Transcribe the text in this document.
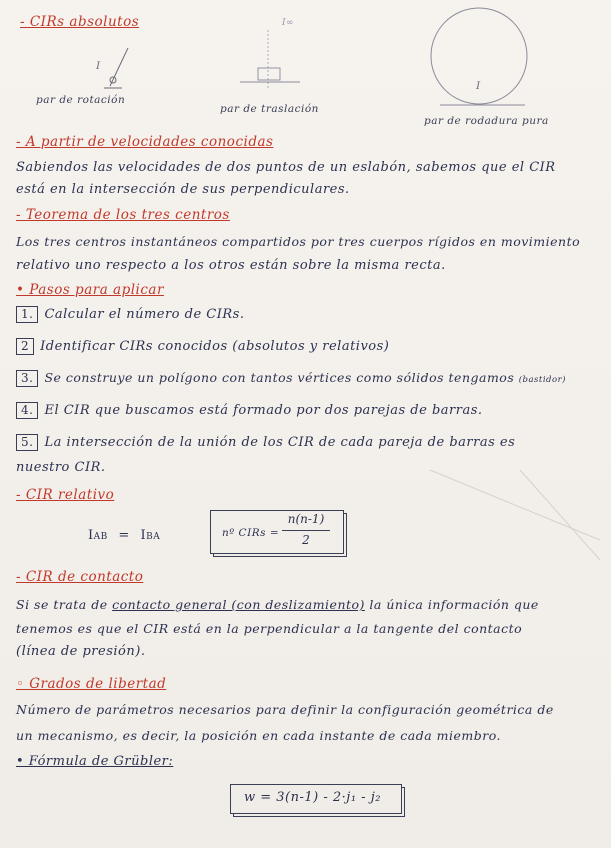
- CIRs absolutos
I
I
I∞
par de rotación
par de traslación
par de rodadura pura
- A partir de velocidades conocidas
Sabiendos las velocidades de dos puntos de un eslabón, sabemos que el CIR
está en la intersección de sus perpendiculares.
- Teorema de los tres centros
Los tres centros instantáneos compartidos por tres cuerpos rígidos en movimiento
relativo uno respecto a los otros están sobre la misma recta.
• Pasos para aplicar
1. Calcular el número de CIRs.
2 Identificar CIRs conocidos (absolutos y relativos)
3. Se construye un polígono con tantos vértices como sólidos tengamos (bastidor)
4. El CIR que buscamos está formado por dos parejas de barras.
5. La intersección de la unión de los CIR de cada pareja de barras es
nuestro CIR.
- CIR relativo
IAB = IBA	nº CIRs =
n(n-1)
2
- CIR de contacto
Si se trata de contacto general (con deslizamiento) la única información que
tenemos es que el CIR está en la perpendicular a la tangente del contacto
(línea de presión).
◦ Grados de libertad
Número de parámetros necesarios para definir la configuración geométrica de
un mecanismo, es decir, la posición en cada instante de cada miembro.
• Fórmula de Grübler:
w = 3(n-1) - 2·j₁ - j₂
